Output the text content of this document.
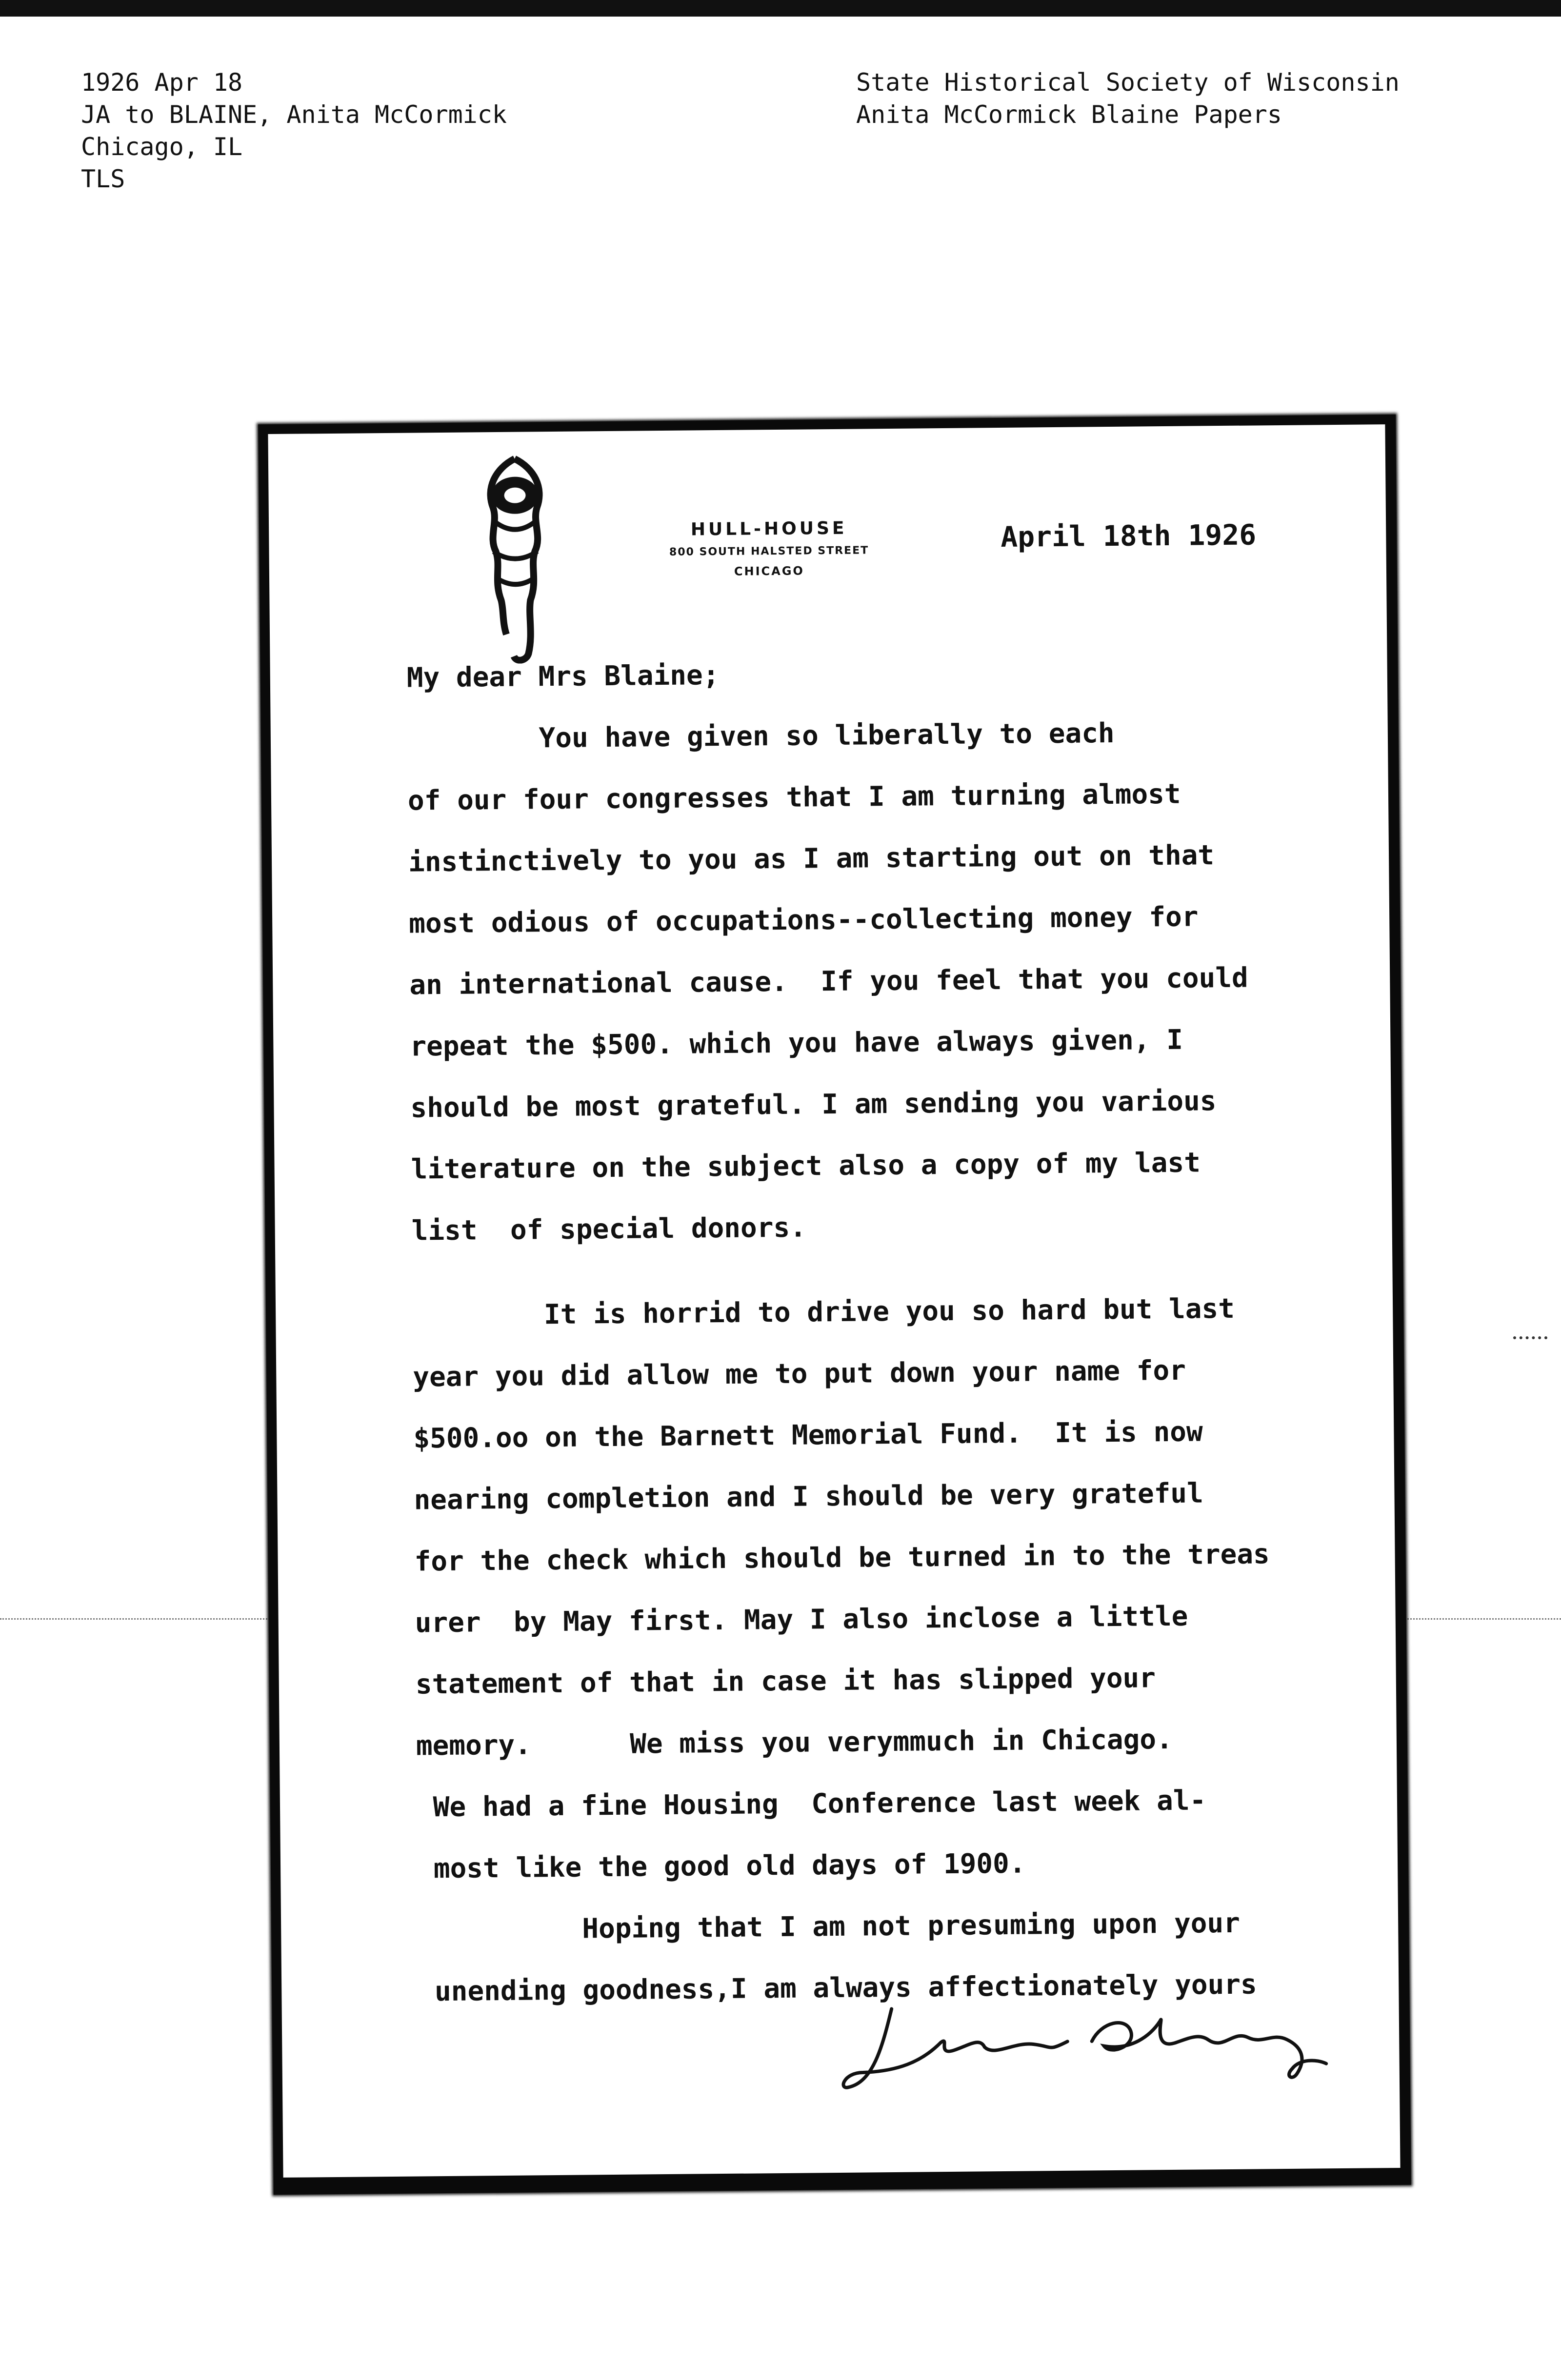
1926 Apr 18
JA to BLAINE, Anita McCormick
Chicago, IL
TLS
State Historical Society of Wisconsin
Anita McCormick Blaine Papers
HULL-HOUSE
800 SOUTH HALSTED STREET
CHICAGO
April 18th 1926
My dear Mrs Blaine;
You have given so liberally to each
of our four congresses that I am turning almost
instinctively to you as I am starting out on that
most odious of occupations--collecting money for
an international cause.  If you feel that you could
repeat the $500. which you have always given, I
should be most grateful. I am sending you various
literature on the subject also a copy of my last
list  of special donors.
It is horrid to drive you so hard but last
year you did allow me to put down your name for
$500.oo on the Barnett Memorial Fund.  It is now
nearing completion and I should be very grateful
for the check which should be turned in to the treas
urer  by May first. May I also inclose a little
statement of that in case it has slipped your
memory.      We miss you verymmuch in Chicago.
We had a fine Housing  Conference last week al-
most like the good old days of 1900.
Hoping that I am not presuming upon your
unending goodness,I am always affectionately yours
